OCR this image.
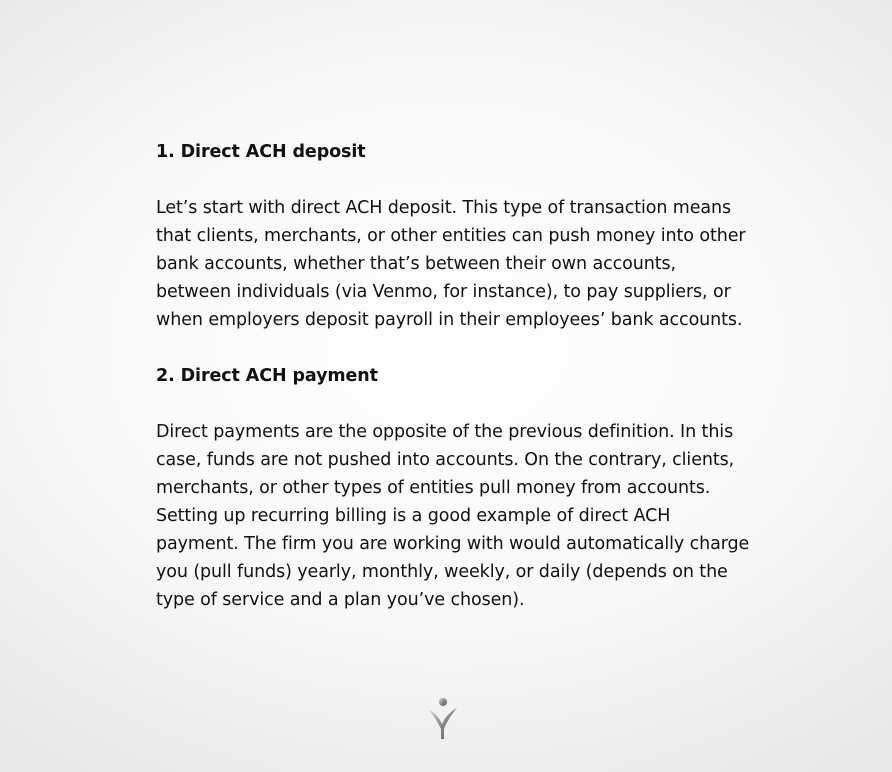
1. Direct ACH deposit

Let’s start with direct ACH deposit. This type of transaction means that clients, merchants, or other entities can push money into other bank accounts, whether that’s between their own accounts, between individuals (via Venmo, for instance), to pay suppliers, or when employers deposit payroll in their employees’ bank accounts.

2. Direct ACH payment

Direct payments are the opposite of the previous definition. In this case, funds are not pushed into accounts. On the contrary, clients, merchants, or other types of entities pull money from accounts. Setting up recurring billing is a good example of direct ACH payment. The firm you are working with would automatically charge you (pull funds) yearly, monthly, weekly, or daily (depends on the type of service and a plan you’ve chosen).
